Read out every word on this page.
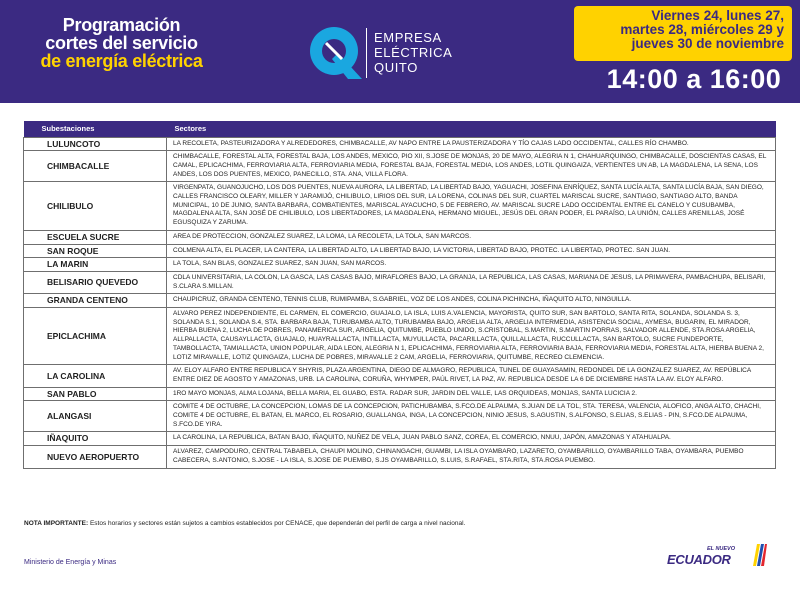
Programación
cortes del servicio
de energía eléctrica
EMPRESA
ELÉCTRICA
QUITO
Viernes 24, lunes 27,
martes 28, miércoles 29 y
jueves 30 de noviembre
14:00 a 16:00
Subestaciones	Sectores
LULUNCOTO	LA RECOLETA, PASTEURIZADORA Y ALREDEDORES, CHIMBACALLE, AV NAPO ENTRE LA PAUSTERIZADORA Y TÍO CAJAS LADO OCCIDENTAL, CALLES RÍO CHAMBO.
CHIMBACALLE	CHIMBACALLE, FORESTAL ALTA, FORESTAL BAJA, LOS ANDES, MEXICO, PIO XII, S.JOSE DE MONJAS, 20 DE MAYO, ALEGRIA N 1, CHAHUARQUINGO, CHIMBACALLE, DOSCIENTAS CASAS, EL CAMAL, EPLICACHIMA, FERROVIARIA ALTA, FERROVIARIA MEDIA, FORESTAL BAJA, FORESTAL MEDIA, LOS ANDES, LOTIL QUINGAIZA, VERTIENTES UN AB, LA MAGDALENA, LA SENA, LOS ANDES, LOS DOS PUENTES, MEXICO, PANECILLO, STA. ANA, VILLA FLORA.
CHILIBULO	VIRGENPATA, GUANOJUCHO, LOS DOS PUENTES, NUEVA AURORA, LA LIBERTAD, LA LIBERTAD BAJO, YAGUACHI, JOSEFINA ENRÍQUEZ, SANTA LUCÍA ALTA, SANTA LUCÍA BAJA, SAN DIEGO, CALLES FRANCISCO OLEARY, MILLER Y JARAMIJÓ, CHILIBULO, LIRIOS DEL SUR, LA LORENA, COLINAS DEL SUR, CUARTEL MARISCAL SUCRE, SANTIAGO, SANTIAGO ALTO, BANDA MUNICIPAL, 10 DE JUNIO, SANTA BARBARA, COMBATIENTES, MARISCAL AYACUCHO, 5 DE FEBRERO, AV. MARISCAL SUCRE LADO OCCIDENTAL ENTRE EL CANELO Y CUSUBAMBA, MAGDALENA ALTA, SAN JOSÉ DE CHILIBULO, LOS LIBERTADORES, LA MAGDALENA, HERMANO MIGUEL, JESÚS DEL GRAN PODER, EL PARAÍSO, LA UNIÓN, CALLES ARENILLAS, JOSÉ EGUSQUIZA Y ZARUMA.
ESCUELA SUCRE	AREA DE PROTECCION, GONZALEZ SUAREZ, LA LOMA, LA RECOLETA, LA TOLA, SAN MARCOS.
SAN ROQUE	COLMENA ALTA, EL PLACER, LA CANTERA, LA LIBERTAD ALTO, LA LIBERTAD BAJO, LA VICTORIA, LIBERTAD BAJO, PROTEC. LA LIBERTAD, PROTEC. SAN JUAN.
LA MARIN	LA TOLA, SAN BLAS, GONZALEZ SUAREZ, SAN JUAN, SAN MARCOS.
BELISARIO QUEVEDO	CDLA UNIVERSITARIA, LA COLON, LA GASCA, LAS CASAS BAJO, MIRAFLORES BAJO, LA GRANJA, LA REPUBLICA, LAS CASAS, MARIANA DE JESUS, LA PRIMAVERA, PAMBACHUPA, BELISARI, S.CLARA S.MILLAN.
GRANDA CENTENO	CHAUPICRUZ, GRANDA CENTENO, TENNIS CLUB, RUMIPAMBA, S.GABRIEL, VOZ DE LOS ANDES, COLINA PICHINCHA, IÑAQUITO ALTO, NINGUILLA.
EPICLACHIMA	ALVARO PEREZ INDEPENDIENTE, EL CARMEN, EL COMERCIO, GUAJALO, LA ISLA, LUIS A.VALENCIA, MAYORISTA, QUITO SUR, SAN BARTOLO, SANTA RITA, SOLANDA, SOLANDA S. 3, SOLANDA S.1, SOLANDA S.4, STA. BARBARA BAJA, TURUBAMBA ALTO, TURUBAMBA BAJO, ARGELIA ALTA, ARGELIA INTERMEDIA, ASISTENCIA SOCIAL, AYMESA, BUGARIN, EL MIRADOR, HIERBA BUENA 2, LUCHA DE POBRES, PANAMERICA SUR, ARGELIA, QUITUMBE, PUEBLO UNIDO, S.CRISTOBAL, S.MARTIN, S.MARTIN PORRAS, SALVADOR ALLENDE, STA.ROSA ARGELIA, ALLPALLACTA, CAUSAYLLACTA, GUAJALO, HUAYRALLACTA, INTILLACTA, MUYULLACTA, PACARILLACTA, QUILLALLACTA, RUCCULLACTA, SAN BARTOLO, SUCRE FUNDEPORTE, TAMBOLLACTA, TAMIALLACTA, UNION POPULAR, AIDA LEON, ALEGRIA N 1, EPLICACHIMA, FERROVIARIA ALTA, FERROVIARIA BAJA, FERROVIARIA MEDIA, FORESTAL ALTA, HIERBA BUENA 2, LOTIZ MIRAVALLE, LOTIZ QUINGAIZA, LUCHA DE POBRES, MIRAVALLE 2 CAM, ARGELIA, FERROVIARIA, QUITUMBE, RECREO CLEMENCIA.
LA CAROLINA	AV. ELOY ALFARO ENTRE REPUBLICA Y SHYRIS, PLAZA ARGENTINA, DIEGO DE ALMAGRO, REPUBLICA, TUNEL DE GUAYASAMIN, REDONDEL DE LA GONZALEZ SUAREZ, AV. REPÚBLICA ENTRE DIEZ DE AGOSTO Y AMAZONAS, URB. LA CAROLINA, CORUÑA, WHYMPER, PAÚL RIVET, LA PAZ, AV. REPUBLICA DESDE LA 6 DE DICIEMBRE HASTA LA AV. ELOY ALFARO.
SAN PABLO	1RO MAYO MONJAS, ALMA LOJANA, BELLA MARIA, EL GUABO, ESTA. RADAR SUR, JARDIN DEL VALLE, LAS ORQUIDEAS, MONJAS, SANTA LUCICIA 2.
ALANGASI	COMITE 4 DE OCTUBRE, LA CONCEPCION, LOMAS DE LA CONCEPCION, PATICHUBAMBA, S.FCO.DE ALPAUMA, S.JUAN DE LA TOL, STA. TERESA, VALENCIA, ALOFICO, ANGA ALTO, CHACHI, COMITE 4 DE OCTUBRE, EL BATAN, EL MARCO, EL ROSARIO, GUALLANGA, INGA, LA CONCEPCION, NINIO JESUS, S.AGUSTIN, S.ALFONSO, S.ELIAS, S.ELIAS - PIN, S.FCO.DE ALPAUMA, S.FCO.DE YIRA.
IÑAQUITO	LA CAROLINA, LA REPUBLICA, BATAN BAJO, IÑAQUITO, NUÑEZ DE VELA, JUAN PABLO SANZ, COREA, EL COMERCIO, NNUU, JAPÓN, AMAZONAS Y ATAHUALPA.
NUEVO AEROPUERTO	ALVAREZ, CAMPODURO, CENTRAL TABABELA, CHAUPI MOLINO, CHINANGACHI, GUAMBI, LA ISLA OYAMBARO, LAZARETO, OYAMBARILLO, OYAMBARILLO TABA, OYAMBARA, PUEMBO CABECERA, S.ANTONIO, S.JOSE - LA ISLA, S.JOSE DE PUEMBO, S.JS OYAMBARILLO, S.LUIS, S.RAFAEL, STA.RITA, STA.ROSA PUEMBO.
NOTA IMPORTANTE: Estos horarios y sectores están sujetos a cambios establecidos por CENACE, que dependerán del perfil de carga a nivel nacional.
Ministerio de Energía y Minas
EL NUEVO
ECUADOR
